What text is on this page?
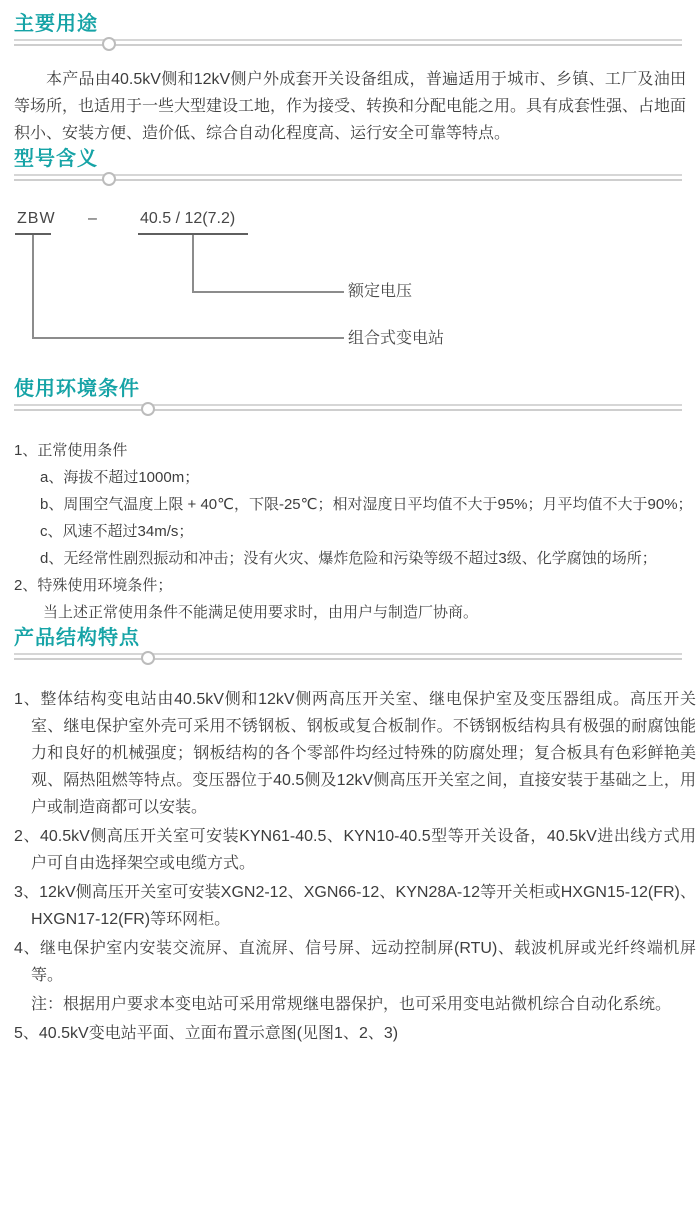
主要用途

本产品由40.5kV侧和12kV侧户外成套开关设备组成，普遍适用于城市、乡镇、工厂及油田等场所，也适用于一些大型建设工地，作为接受、转换和分配电能之用。具有成套性强、占地面积小、安装方便、造价低、综合自动化程度高、运行安全可靠等特点。

型号含义
ZBW –	40.5 / 12(7.2)
额定电压
组合式变电站
使用环境条件
1、正常使用条件
a、海拔不超过1000m；
b、周围空气温度上限 + 40℃，下限-25℃；相对湿度日平均值不大于95%；月平均值不大于90%；
c、风速不超过34m/s；
d、无经常性剧烈振动和冲击；没有火灾、爆炸危险和污染等级不超过3级、化学腐蚀的场所；
2、特殊使用环境条件；
当上述正常使用条件不能满足使用要求时，由用户与制造厂协商。
产品结构特点
1、整体结构变电站由40.5kV侧和12kV侧两高压开关室、继电保护室及变压器组成。高压开关室、继电保护室外壳可采用不锈钢板、钢板或复合板制作。不锈钢板结构具有极强的耐腐蚀能力和良好的机械强度；钢板结构的各个零部件均经过特殊的防腐处理；复合板具有色彩鲜艳美观、隔热阻燃等特点。变压器位于40.5侧及12kV侧高压开关室之间，直接安装于基础之上，用户或制造商都可以安装。
2、40.5kV侧高压开关室可安装KYN61-40.5、KYN10-40.5型等开关设备，40.5kV进出线方式用户可自由选择架空或电缆方式。
3、12kV侧高压开关室可安装XGN2-12、XGN66-12、KYN28A-12等开关柜或HXGN15-12(FR)、HXGN17-12(FR)等环网柜。
4、继电保护室内安装交流屏、直流屏、信号屏、远动控制屏(RTU)、载波机屏或光纤终端机屏等。
注：根据用户要求本变电站可采用常规继电器保护，也可采用变电站微机综合自动化系统。
5、40.5kV变电站平面、立面布置示意图(见图1、2、3)
